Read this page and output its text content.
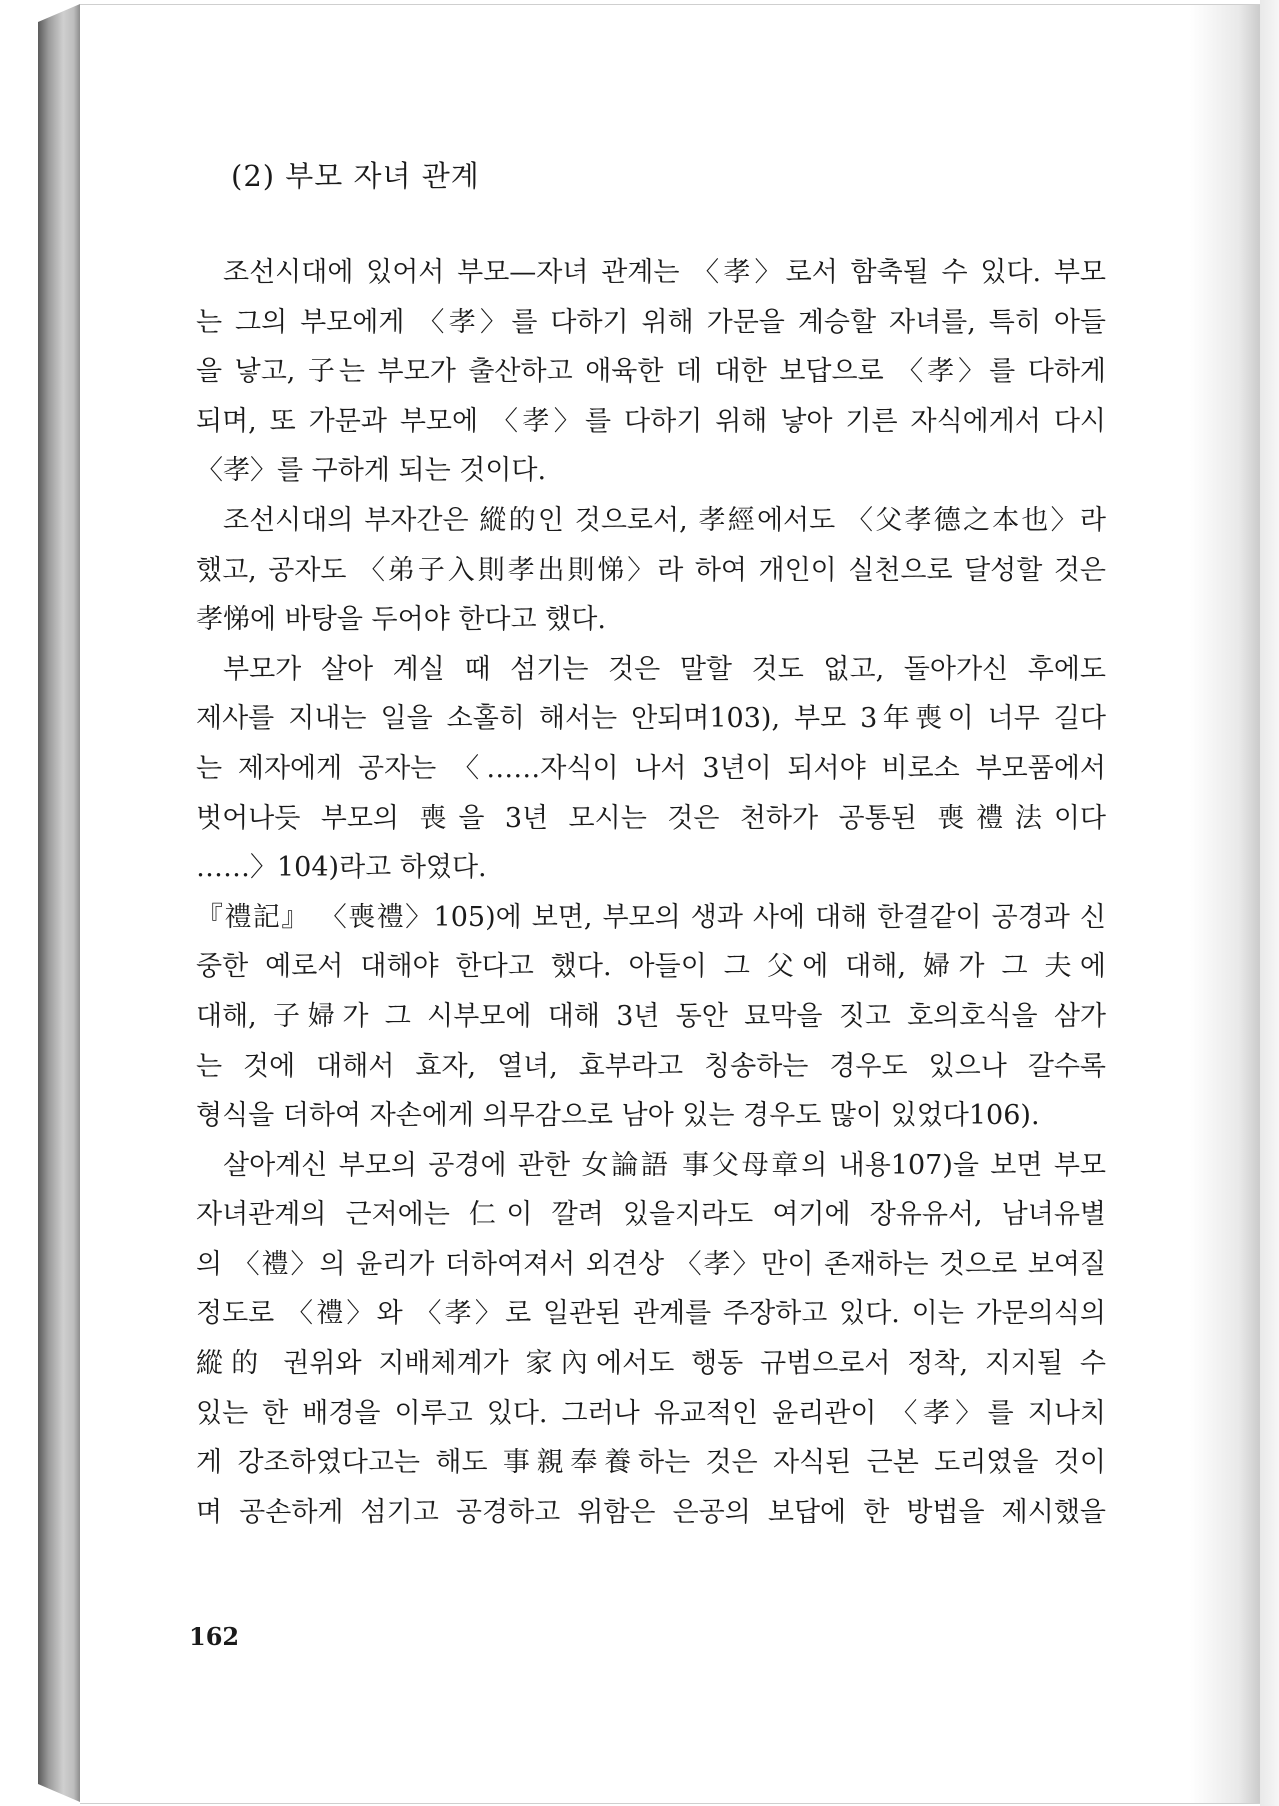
(2) 부모 자녀 관계
조선시대에 있어서 부모—자녀 관계는 〈孝〉로서 함축될 수 있다. 부모
는 그의 부모에게 〈孝〉를 다하기 위해 가문을 계승할 자녀를, 특히 아들
을 낳고, 子는 부모가 출산하고 애육한 데 대한 보답으로 〈孝〉를 다하게
되며, 또 가문과 부모에 〈孝〉를 다하기 위해 낳아 기른 자식에게서 다시
〈孝〉를 구하게 되는 것이다.
조선시대의 부자간은 縱的인 것으로서, 孝經에서도 〈父孝德之本也〉라
했고, 공자도 〈弟子入則孝出則悌〉라 하여 개인이 실천으로 달성할 것은
孝悌에 바탕을 두어야 한다고 했다.
부모가 살아 계실 때 섬기는 것은 말할 것도 없고, 돌아가신 후에도
제사를 지내는 일을 소홀히 해서는 안되며103), 부모 3年喪이 너무 길다
는 제자에게 공자는 〈……자식이 나서 3년이 되서야 비로소 부모품에서
벗어나듯 부모의 喪을 3년 모시는 것은 천하가 공통된 喪禮法이다
……〉104)라고 하였다.
『禮記』 〈喪禮〉105)에 보면, 부모의 생과 사에 대해 한결같이 공경과 신
중한 예로서 대해야 한다고 했다. 아들이 그 父에 대해, 婦가 그 夫에
대해, 子婦가 그 시부모에 대해 3년 동안 묘막을 짓고 호의호식을 삼가
는 것에 대해서 효자, 열녀, 효부라고 칭송하는 경우도 있으나 갈수록
형식을 더하여 자손에게 의무감으로 남아 있는 경우도 많이 있었다106).
살아계신 부모의 공경에 관한 女論語 事父母章의 내용107)을 보면 부모
자녀관계의 근저에는 仁이 깔려 있을지라도 여기에 장유유서, 남녀유별
의 〈禮〉의 윤리가 더하여져서 외견상 〈孝〉만이 존재하는 것으로 보여질
정도로 〈禮〉와 〈孝〉로 일관된 관계를 주장하고 있다. 이는 가문의식의
縱的 권위와 지배체계가 家內에서도 행동 규범으로서 정착, 지지될 수
있는 한 배경을 이루고 있다. 그러나 유교적인 윤리관이 〈孝〉를 지나치
게 강조하였다고는 해도 事親奉養하는 것은 자식된 근본 도리였을 것이
며 공손하게 섬기고 공경하고 위함은 은공의 보답에 한 방법을 제시했을

162
